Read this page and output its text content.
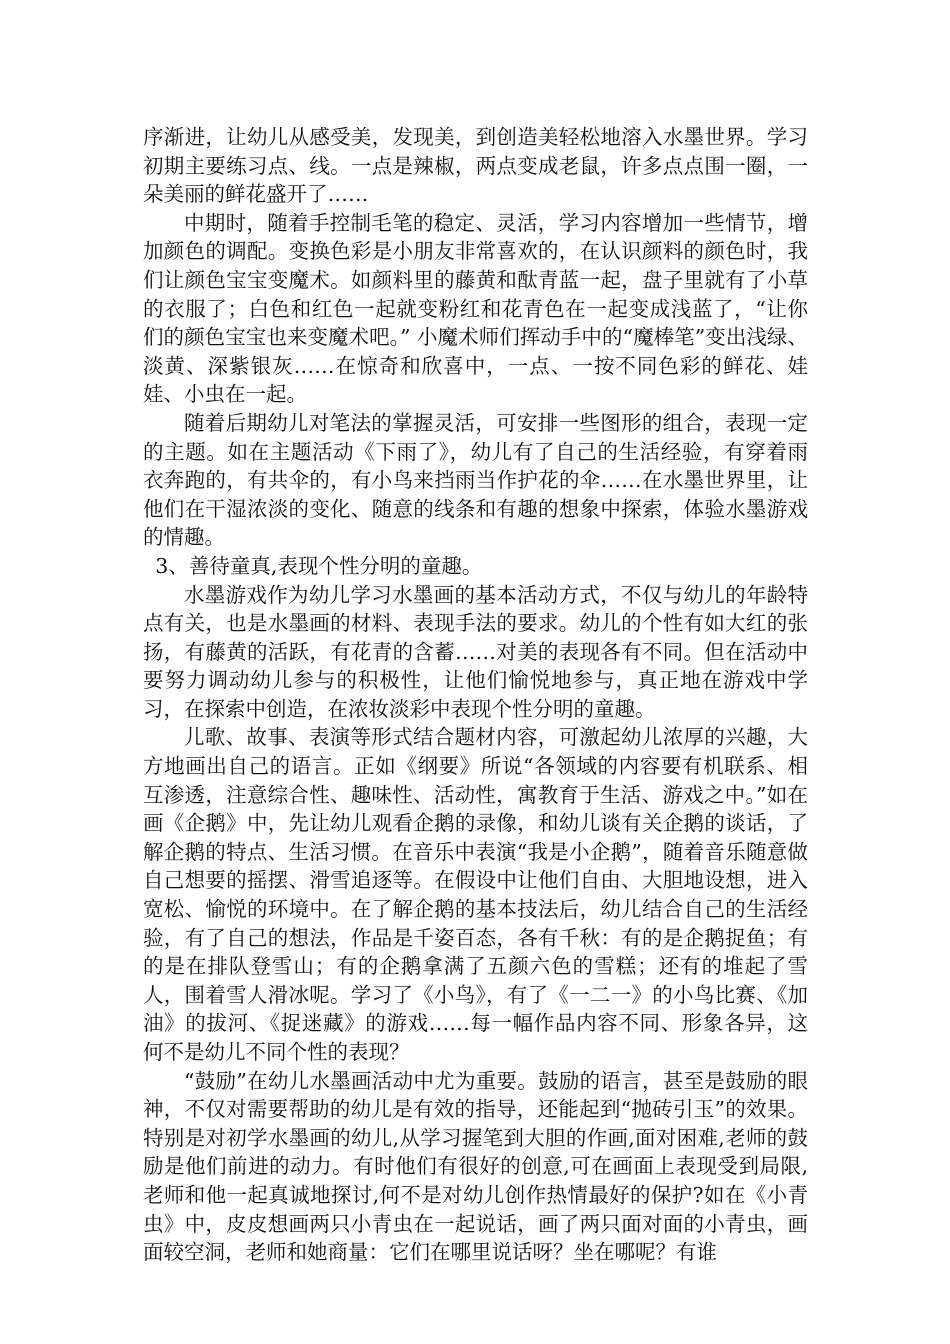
序渐进，让幼儿从感受美，发现美，到创造美轻松地溶入水墨世界。学习初期主要练习点、线。一点是辣椒，两点变成老鼠，许多点点围一圈，一朵美丽的鲜花盛开了……

中期时，随着手控制毛笔的稳定、灵活，学习内容增加一些情节，增加颜色的调配。变换色彩是小朋友非常喜欢的，在认识颜料的颜色时，我们让颜色宝宝变魔术。如颜料里的藤黄和酞青蓝一起，盘子里就有了小草的衣服了；白色和红色一起就变粉红和花青色在一起变成浅蓝了，“让你们的颜色宝宝也来变魔术吧。” 小魔术师们挥动手中的“魔棒笔”变出浅绿、淡黄、深紫银灰……在惊奇和欣喜中，一点、一按不同色彩的鲜花、娃娃、小虫在一起。

随着后期幼儿对笔法的掌握灵活，可安排一些图形的组合，表现一定的主题。如在主题活动《下雨了》，幼儿有了自己的生活经验，有穿着雨衣奔跑的，有共伞的，有小鸟来挡雨当作护花的伞……在水墨世界里，让他们在干湿浓淡的变化、随意的线条和有趣的想象中探索，体验水墨游戏的情趣。

3、善待童真,表现个性分明的童趣。

水墨游戏作为幼儿学习水墨画的基本活动方式，不仅与幼儿的年龄特点有关，也是水墨画的材料、表现手法的要求。幼儿的个性有如大红的张扬，有藤黄的活跃，有花青的含蓄……对美的表现各有不同。但在活动中要努力调动幼儿参与的积极性，让他们愉悦地参与，真正地在游戏中学习，在探索中创造，在浓妆淡彩中表现个性分明的童趣。

儿歌、故事、表演等形式结合题材内容，可激起幼儿浓厚的兴趣，大方地画出自己的语言。正如《纲要》所说“各领域的内容要有机联系、相互渗透，注意综合性、趣味性、活动性，寓教育于生活、游戏之中。”如在画《企鹅》中，先让幼儿观看企鹅的录像，和幼儿谈有关企鹅的谈话，了解企鹅的特点、生活习惯。在音乐中表演“我是小企鹅”，随着音乐随意做自己想要的摇摆、滑雪追逐等。在假设中让他们自由、大胆地设想，进入宽松、愉悦的环境中。在了解企鹅的基本技法后，幼儿结合自己的生活经验，有了自己的想法，作品是千姿百态，各有千秋：有的是企鹅捉鱼；有的是在排队登雪山；有的企鹅拿满了五颜六色的雪糕；还有的堆起了雪人，围着雪人滑冰呢。学习了《小鸟》，有了《一二一》的小鸟比赛、《加油》的拔河、《捉迷藏》的游戏……每一幅作品内容不同、形象各异，这何不是幼儿不同个性的表现？

“鼓励”在幼儿水墨画活动中尤为重要。鼓励的语言，甚至是鼓励的眼神，不仅对需要帮助的幼儿是有效的指导，还能起到“抛砖引玉”的效果。特别是对初学水墨画的幼儿,从学习握笔到大胆的作画,面对困难,老师的鼓励是他们前进的动力。有时他们有很好的创意,可在画面上表现受到局限,老师和他一起真诚地探讨,何不是对幼儿创作热情最好的保护?如在《小青虫》中，皮皮想画两只小青虫在一起说话，画了两只面对面的小青虫，画面较空洞，老师和她商量：它们在哪里说话呀？坐在哪呢？有谁
